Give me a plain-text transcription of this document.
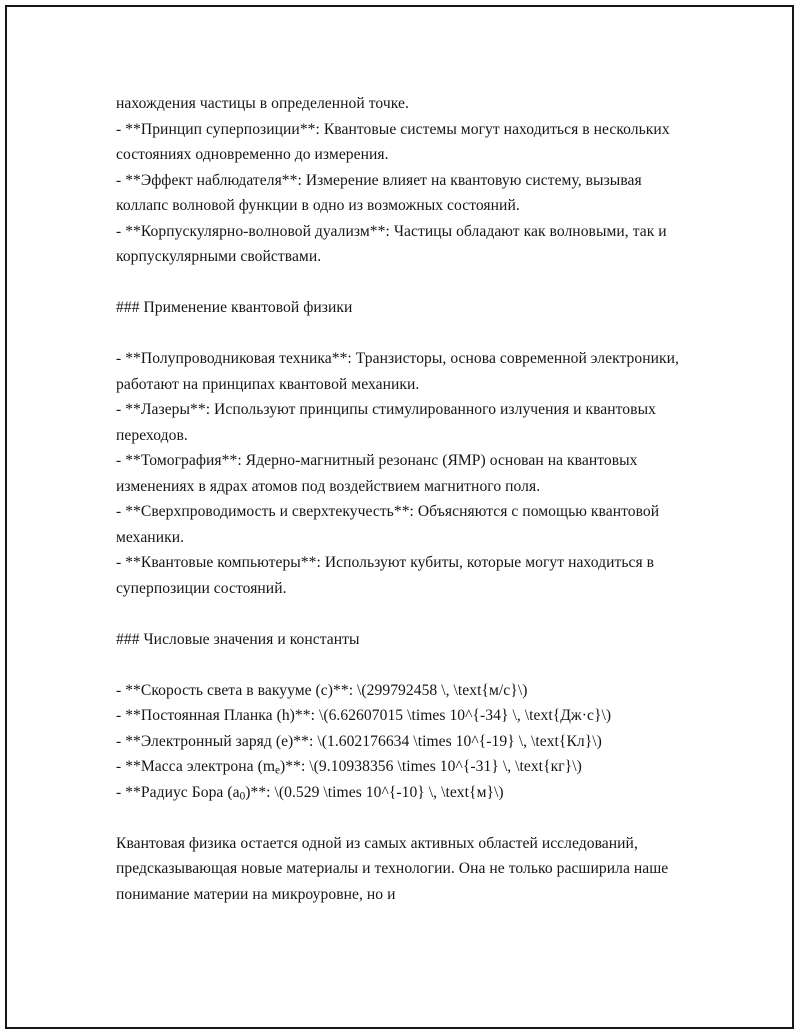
нахождения частицы в определенной точке.
- **Принцип суперпозиции**: Квантовые системы могут находиться в нескольких состояниях одновременно до измерения.
- **Эффект наблюдателя**: Измерение влияет на квантовую систему, вызывая коллапс волновой функции в одно из возможных состояний.
- **Корпускулярно-волновой дуализм**: Частицы обладают как волновыми, так и корпускулярными свойствами.
### Применение квантовой физики
- **Полупроводниковая техника**: Транзисторы, основа современной электроники, работают на принципах квантовой механики.
- **Лазеры**: Используют принципы стимулированного излучения и квантовых переходов.
- **Томография**: Ядерно-магнитный резонанс (ЯМР) основан на квантовых изменениях в ядрах атомов под воздействием магнитного поля.
- **Сверхпроводимость и сверхтекучесть**: Объясняются с помощью квантовой механики.
- **Квантовые компьютеры**: Используют кубиты, которые могут находиться в суперпозиции состояний.
### Числовые значения и константы
- **Скорость света в вакууме (c)**: \(299792458 \, \text{м/с}\)
- **Постоянная Планка (h)**: \(6.62607015 \times 10^{-34} \, \text{Дж·с}\)
- **Электронный заряд (e)**: \(1.602176634 \times 10^{-19} \, \text{Кл}\)
- **Масса электрона $(m_e)**$: \(9.10938356 \times 10^{-31} \, \text{кг}\)
- **Радиус Бора $(a_0)**$: \(0.529 \times 10^{-10} \, \text{м}\)
Квантовая физика остается одной из самых активных областей исследований, предсказывающая новые материалы и технологии. Она не только расширила наше понимание материи на микроуровне, но и
